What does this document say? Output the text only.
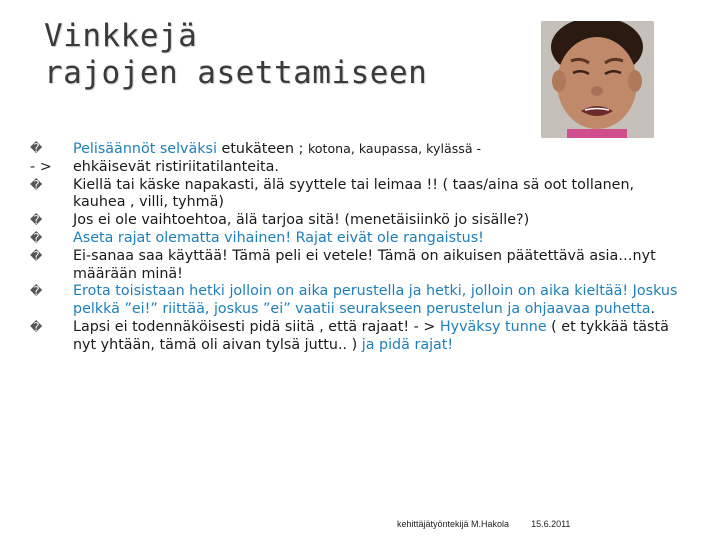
Vinkkejä
rajojen asettamiseen
�	Pelisäännöt selväksi etukäteen ; kotona, kaupassa, kylässä -
- >	ehkäisevät ristiriitatilanteita.
�	Kiellä tai käske napakasti, älä syyttele tai leimaa !! ( taas/aina sä oot tollanen, kauhea , villi, tyhmä)
�	Jos ei ole vaihtoehtoa, älä tarjoa sitä! (menetäisiinkö jo sisälle?)
�	Aseta rajat olematta vihainen! Rajat eivät ole rangaistus!
�	Ei-sanaa saa käyttää! Tämä peli ei vetele! Tämä on aikuisen päätettävä asia…nyt määrään minä!
�	Erota toisistaan hetki jolloin on aika perustella ja hetki, jolloin on aika kieltää! Joskus pelkkä ”ei!” riittää, joskus ”ei” vaatii seurakseen perustelun ja ohjaavaa puhetta.
�	Lapsi ei todennäköisesti pidä siitä , että rajaat! - > Hyväksy tunne ( et tykkää tästä nyt yhtään, tämä oli aivan tylsä juttu.. ) ja pidä rajat!
kehittäjätyöntekijä M.Hakola 15.6.2011
